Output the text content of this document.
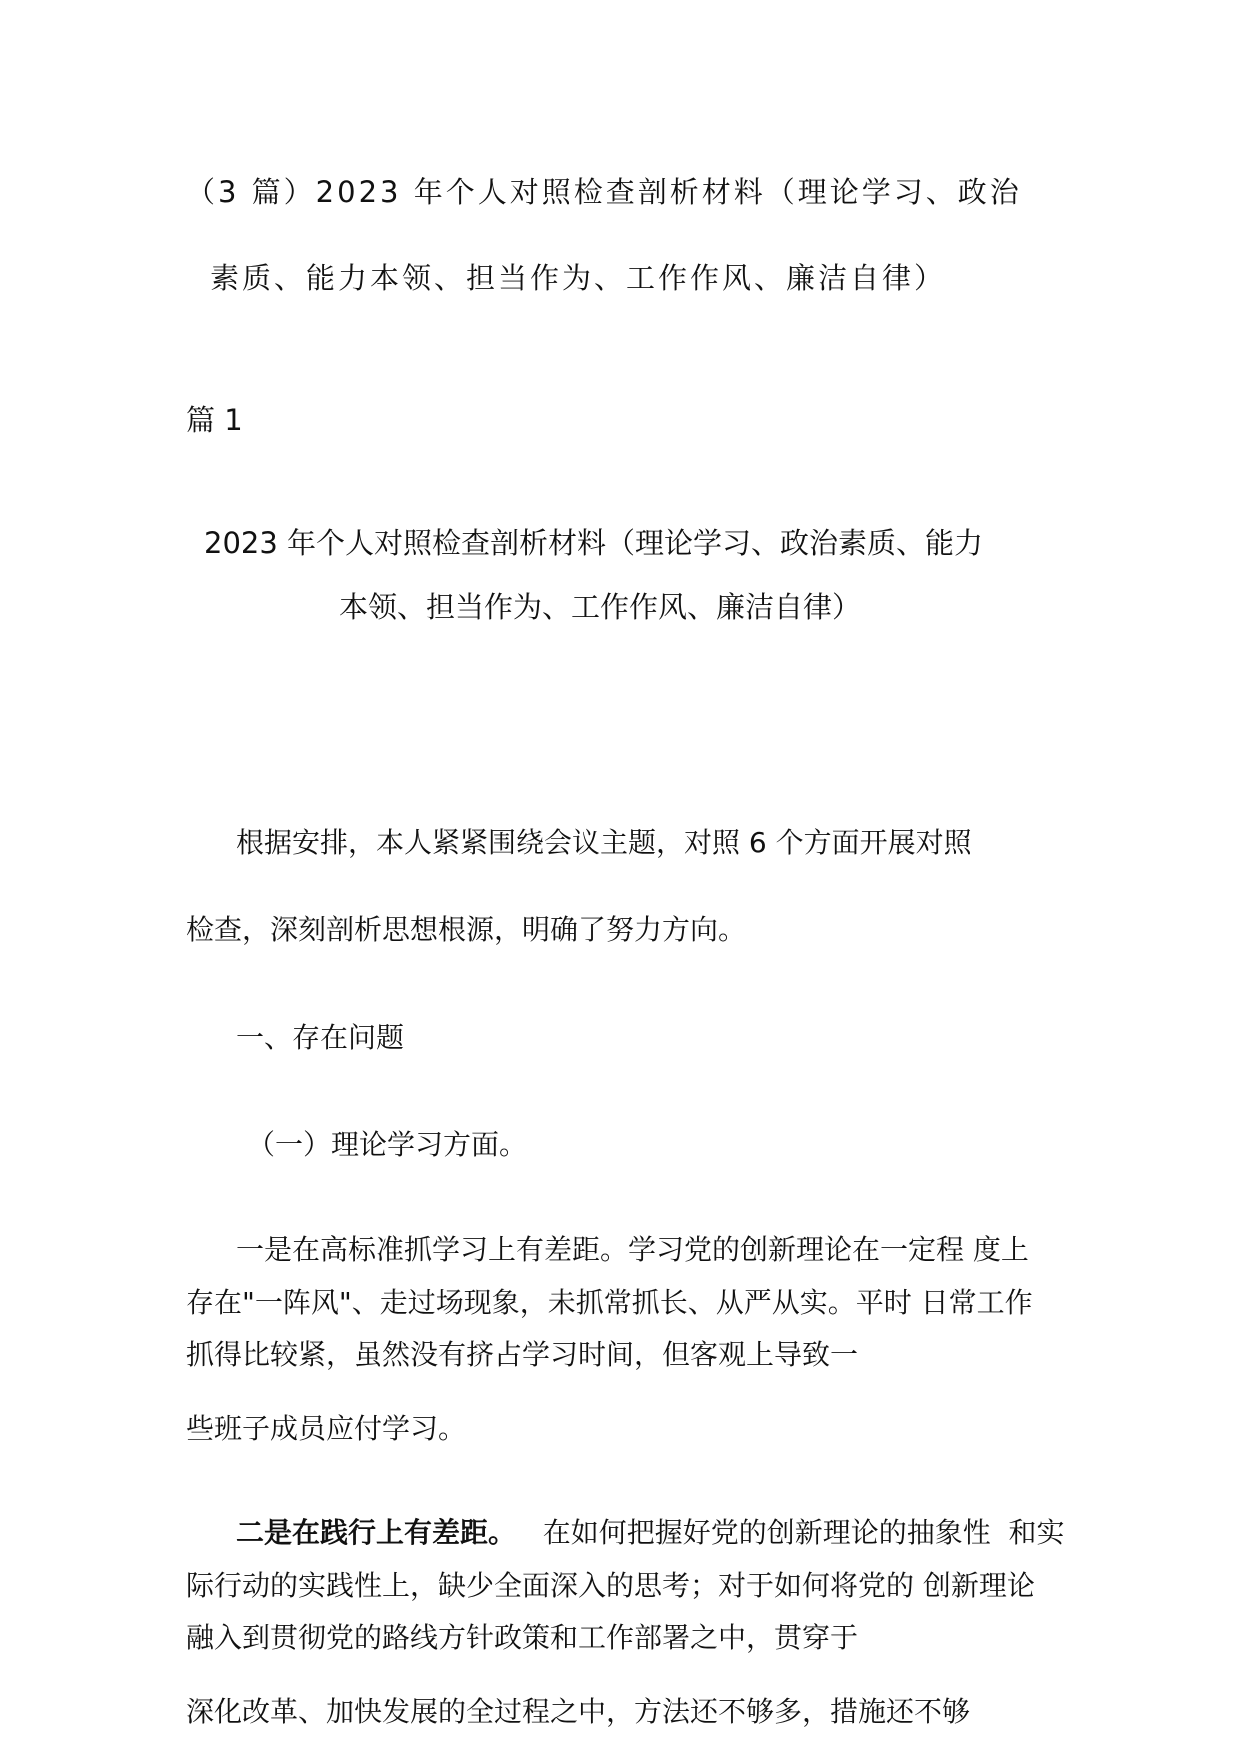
（3 篇）2023 年个人对照检查剖析材料（理论学习、政治
素质、能力本领、担当作为、工作作风、廉洁自律）
篇 1
2023 年个人对照检查剖析材料（理论学习、政治素质、能力
本领、担当作为、工作作风、廉洁自律）
根据安排，本人紧紧围绕会议主题，对照 6 个方面开展对照
检查，深刻剖析思想根源，明确了努力方向。
一、存在问题
（一）理论学习方面。
一是在高标准抓学习上有差距。学习党的创新理论在一定程 度上
存在"一阵风"、走过场现象，未抓常抓长、从严从实。平时 日常工作
抓得比较紧，虽然没有挤占学习时间，但客观上导致一
些班子成员应付学习。
二是在践行上有差距。   在如何把握好党的创新理论的抽象性  和实
际行动的实践性上，缺少全面深入的思考；对于如何将党的 创新理论
融入到贯彻党的路线方针政策和工作部署之中，贯穿于
深化改革、加快发展的全过程之中，方法还不够多，措施还不够
